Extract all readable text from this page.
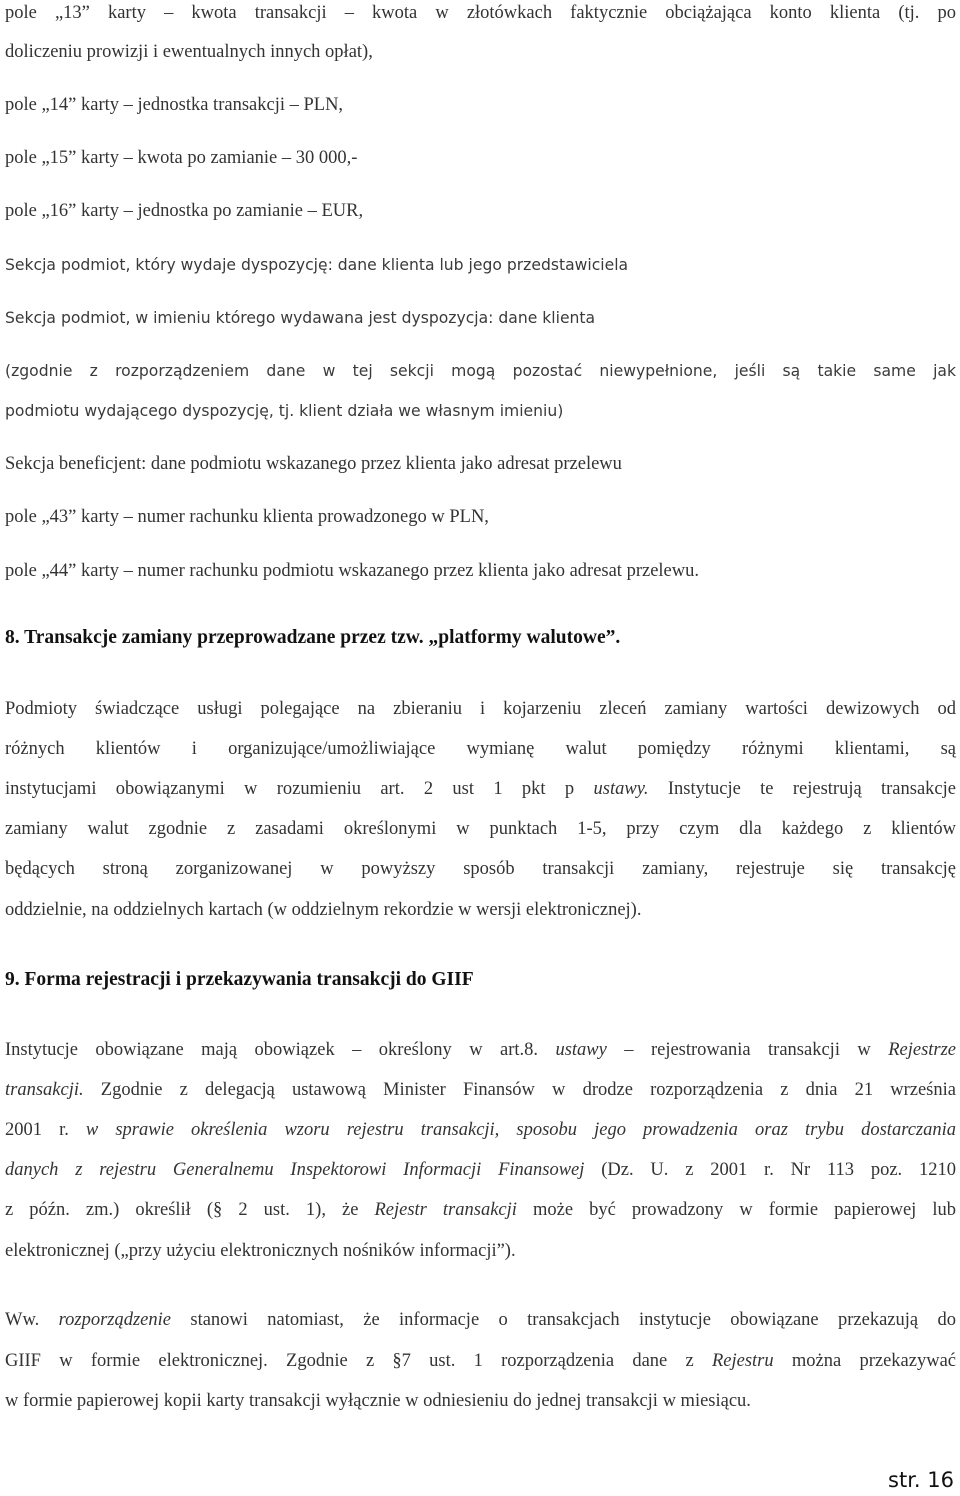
pole „13” karty – kwota transakcji – kwota w złotówkach faktycznie obciążająca konto klienta (tj. po
doliczeniu prowizji i ewentualnych innych opłat),
pole „14” karty – jednostka transakcji – PLN,
pole „15” karty – kwota po zamianie – 30 000,-
pole „16” karty – jednostka po zamianie – EUR,
Sekcja podmiot, który wydaje dyspozycję: dane klienta lub jego przedstawiciela
Sekcja podmiot, w imieniu którego wydawana jest dyspozycja: dane klienta
(zgodnie z rozporządzeniem dane w tej sekcji mogą pozostać niewypełnione, jeśli są takie same jak
podmiotu wydającego dyspozycję, tj. klient działa we własnym imieniu)
Sekcja beneficjent: dane podmiotu wskazanego przez klienta jako adresat przelewu
pole „43” karty – numer rachunku klienta prowadzonego w PLN,
pole „44” karty – numer rachunku podmiotu wskazanego przez klienta jako adresat przelewu.
8. Transakcje zamiany przeprowadzane przez tzw. „platformy walutowe”.
Podmioty świadczące usługi polegające na zbieraniu i kojarzeniu zleceń zamiany wartości dewizowych od
różnych klientów i organizujące/umożliwiające wymianę walut pomiędzy różnymi klientami, są
instytucjami obowiązanymi w rozumieniu art. 2 ust 1 pkt p ustawy. Instytucje te rejestrują transakcje
zamiany walut zgodnie z zasadami określonymi w punktach 1-5, przy czym dla każdego z klientów
będących stroną zorganizowanej w powyższy sposób transakcji zamiany, rejestruje się transakcję
oddzielnie, na oddzielnych kartach (w oddzielnym rekordzie w wersji elektronicznej).
9. Forma rejestracji i przekazywania transakcji do GIIF
Instytucje obowiązane mają obowiązek – określony w art.8. ustawy – rejestrowania transakcji w Rejestrze
transakcji. Zgodnie z delegacją ustawową Minister Finansów w drodze rozporządzenia z dnia 21 września
2001 r. w sprawie określenia wzoru rejestru transakcji, sposobu jego prowadzenia oraz trybu dostarczania
danych z rejestru Generalnemu Inspektorowi Informacji Finansowej (Dz. U. z 2001 r. Nr 113 poz. 1210
z późn. zm.) określił (§ 2 ust. 1), że Rejestr transakcji może być prowadzony w formie papierowej lub
elektronicznej („przy użyciu elektronicznych nośników informacji”).
Ww. rozporządzenie stanowi natomiast, że informacje o transakcjach instytucje obowiązane przekazują do
GIIF w formie elektronicznej. Zgodnie z §7 ust. 1 rozporządzenia dane z Rejestru można przekazywać
w formie papierowej kopii karty transakcji wyłącznie w odniesieniu do jednej transakcji w miesiącu.
str. 16
